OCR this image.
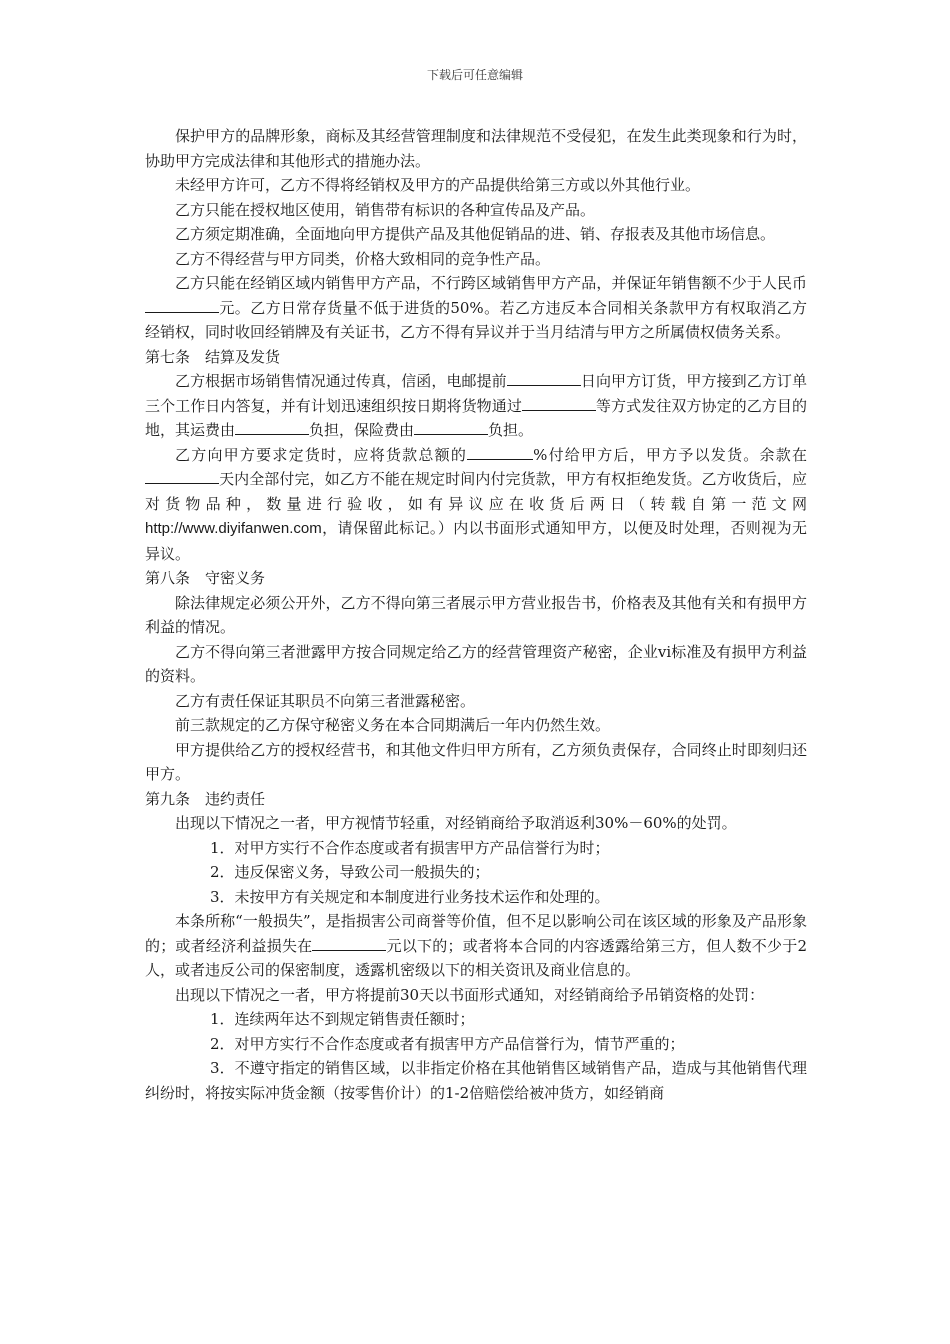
下载后可任意编辑

保护甲方的品牌形象，商标及其经营管理制度和法律规范不受侵犯，在发生此类现象和行为时，协助甲方完成法律和其他形式的措施办法。

未经甲方许可，乙方不得将经销权及甲方的产品提供给第三方或以外其他行业。

乙方只能在授权地区使用，销售带有标识的各种宣传品及产品。

乙方须定期准确，全面地向甲方提供产品及其他促销品的进、销、存报表及其他市场信息。

乙方不得经营与甲方同类，价格大致相同的竞争性产品。

乙方只能在经销区域内销售甲方产品，不行跨区域销售甲方产品，并保证年销售额不少于人民币元。乙方日常存货量不低于进货的50%。若乙方违反本合同相关条款甲方有权取消乙方经销权，同时收回经销牌及有关证书，乙方不得有异议并于当月结清与甲方之所属债权债务关系。

第七条　结算及发货

乙方根据市场销售情况通过传真，信函，电邮提前	日向甲方订货，甲方接到乙方订单三个工作日内答复，并有计划迅速组织按日期将货物通过	等方式发往双方协定的乙方目的地，其运费由	负担，保险费由	负担。

乙方向甲方要求定货时，应将货款总额的	%付给甲方后，甲方予以发货。余款在天内全部付完，如乙方不能在规定时间内付完货款，甲方有权拒绝发货。乙方收货后，应对货物品种，数量进行验收，如有异议应在收货后两日（转载自第一范文网http://www.diyifanwen.com，请保留此标记。）内以书面形式通知甲方，以便及时处理，否则视为无异议。

第八条　守密义务

除法律规定必须公开外，乙方不得向第三者展示甲方营业报告书，价格表及其他有关和有损甲方利益的情况。

乙方不得向第三者泄露甲方按合同规定给乙方的经营管理资产秘密，企业vi标准及有损甲方利益的资料。

乙方有责任保证其职员不向第三者泄露秘密。

前三款规定的乙方保守秘密义务在本合同期满后一年内仍然生效。

甲方提供给乙方的授权经营书，和其他文件归甲方所有，乙方须负责保存，合同终止时即刻归还甲方。

第九条　违约责任

出现以下情况之一者，甲方视情节轻重，对经销商给予取消返利30%－60%的处罚。

1．对甲方实行不合作态度或者有损害甲方产品信誉行为时；

2．违反保密义务，导致公司一般损失的；

3．未按甲方有关规定和本制度进行业务技术运作和处理的。

本条所称“一般损失”，是指损害公司商誉等价值，但不足以影响公司在该区域的形象及产品形象的；或者经济利益损失在	元以下的；或者将本合同的内容透露给第三方，但人数不少于2人，或者违反公司的保密制度，透露机密级以下的相关资讯及商业信息的。

出现以下情况之一者，甲方将提前30天以书面形式通知，对经销商给予吊销资格的处罚：

1．连续两年达不到规定销售责任额时；

2．对甲方实行不合作态度或者有损害甲方产品信誉行为，情节严重的；

3．不遵守指定的销售区域，以非指定价格在其他销售区域销售产品，造成与其他销售代理纠纷时，将按实际冲货金额（按零售价计）的1-2倍赔偿给被冲货方，如经销商
